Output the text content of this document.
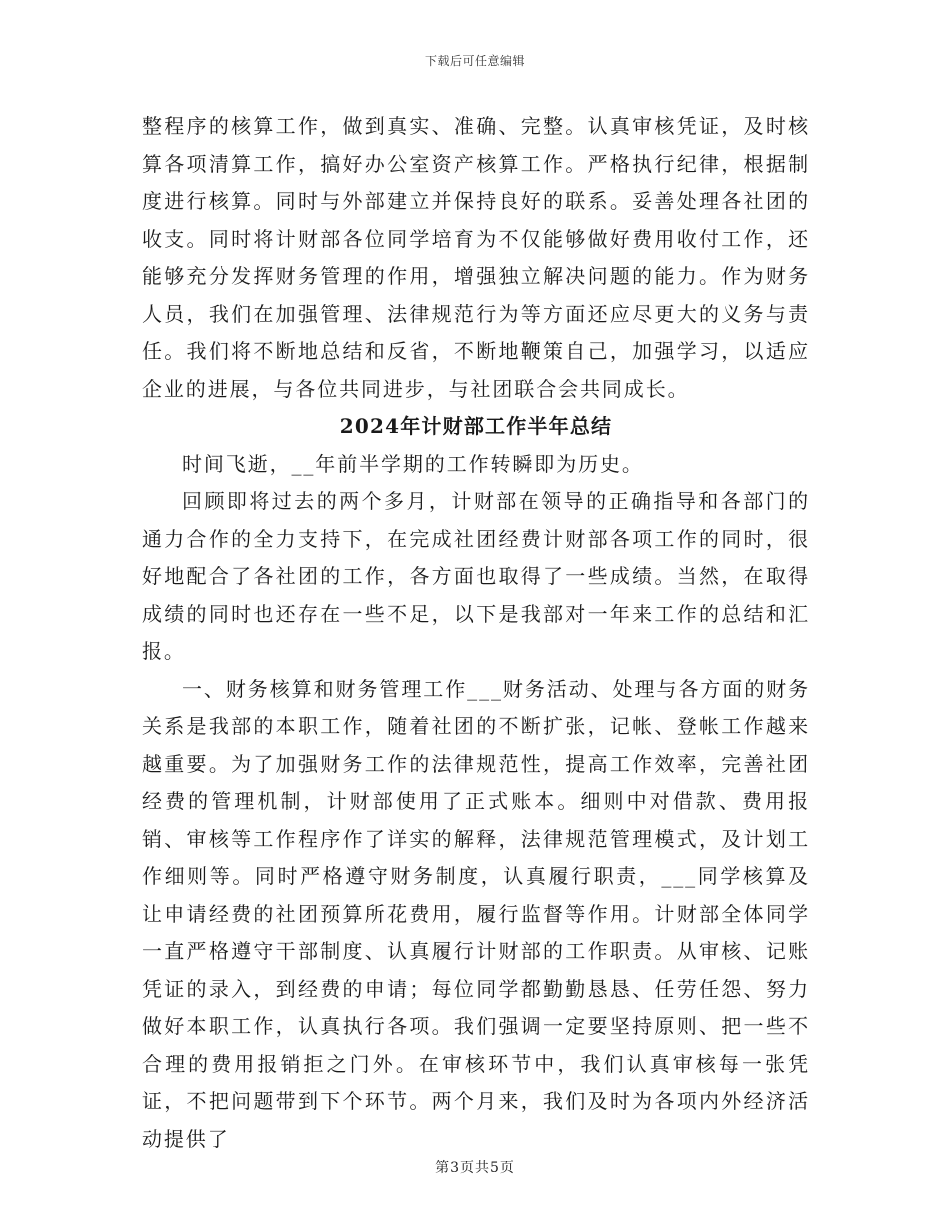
下载后可任意编辑

整程序的核算工作，做到真实、准确、完整。认真审核凭证，及时核算各项清算工作，搞好办公室资产核算工作。严格执行纪律，根据制度进行核算。同时与外部建立并保持良好的联系。妥善处理各社团的收支。同时将计财部各位同学培育为不仅能够做好费用收付工作，还能够充分发挥财务管理的作用，增强独立解决问题的能力。作为财务人员，我们在加强管理、法律规范行为等方面还应尽更大的义务与责任。我们将不断地总结和反省，不断地鞭策自己，加强学习，以适应企业的进展，与各位共同进步，与社团联合会共同成长。

2024年计财部工作半年总结

时间飞逝，__年前半学期的工作转瞬即为历史。

回顾即将过去的两个多月，计财部在领导的正确指导和各部门的通力合作的全力支持下，在完成社团经费计财部各项工作的同时，很好地配合了各社团的工作，各方面也取得了一些成绩。当然，在取得成绩的同时也还存在一些不足，以下是我部对一年来工作的总结和汇报。

一、财务核算和财务管理工作___财务活动、处理与各方面的财务关系是我部的本职工作，随着社团的不断扩张，记帐、登帐工作越来越重要。为了加强财务工作的法律规范性，提高工作效率，完善社团经费的管理机制，计财部使用了正式账本。细则中对借款、费用报销、审核等工作程序作了详实的解释，法律规范管理模式，及计划工作细则等。同时严格遵守财务制度，认真履行职责，___同学核算及让申请经费的社团预算所花费用，履行监督等作用。计财部全体同学一直严格遵守干部制度、认真履行计财部的工作职责。从审核、记账凭证的录入，到经费的申请；每位同学都勤勤恳恳、任劳任怨、努力做好本职工作，认真执行各项。我们强调一定要坚持原则、把一些不合理的费用报销拒之门外。在审核环节中，我们认真审核每一张凭证，不把问题带到下个环节。两个月来，我们及时为各项内外经济活动提供了

第3页共5页
